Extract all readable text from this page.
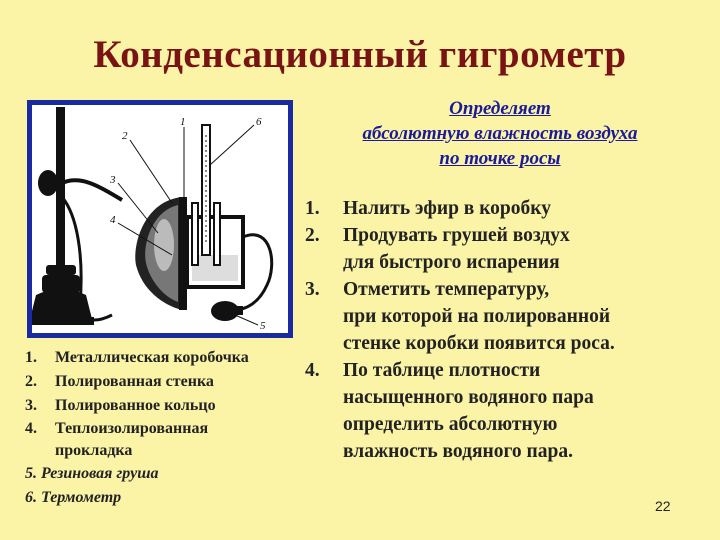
Конденсационный гигрометр
2
1	6
3
4
5
Определяет
абсолютную влажность воздуха
по точке росы
1. Налить эфир в коробку
2. Продувать грушей воздух
для быстрого испарения
3. Отметить температуру,
при которой на полированной
стенке коробки появится роса.
4. По таблице плотности
насыщенного водяного пара
определить абсолютную
влажность водяного пара.
1. Металлическая коробочка
2. Полированная стенка
3. Полированное кольцо
4. Теплоизолированная
прокладка
5. Резиновая груша
6. Термометр	22
